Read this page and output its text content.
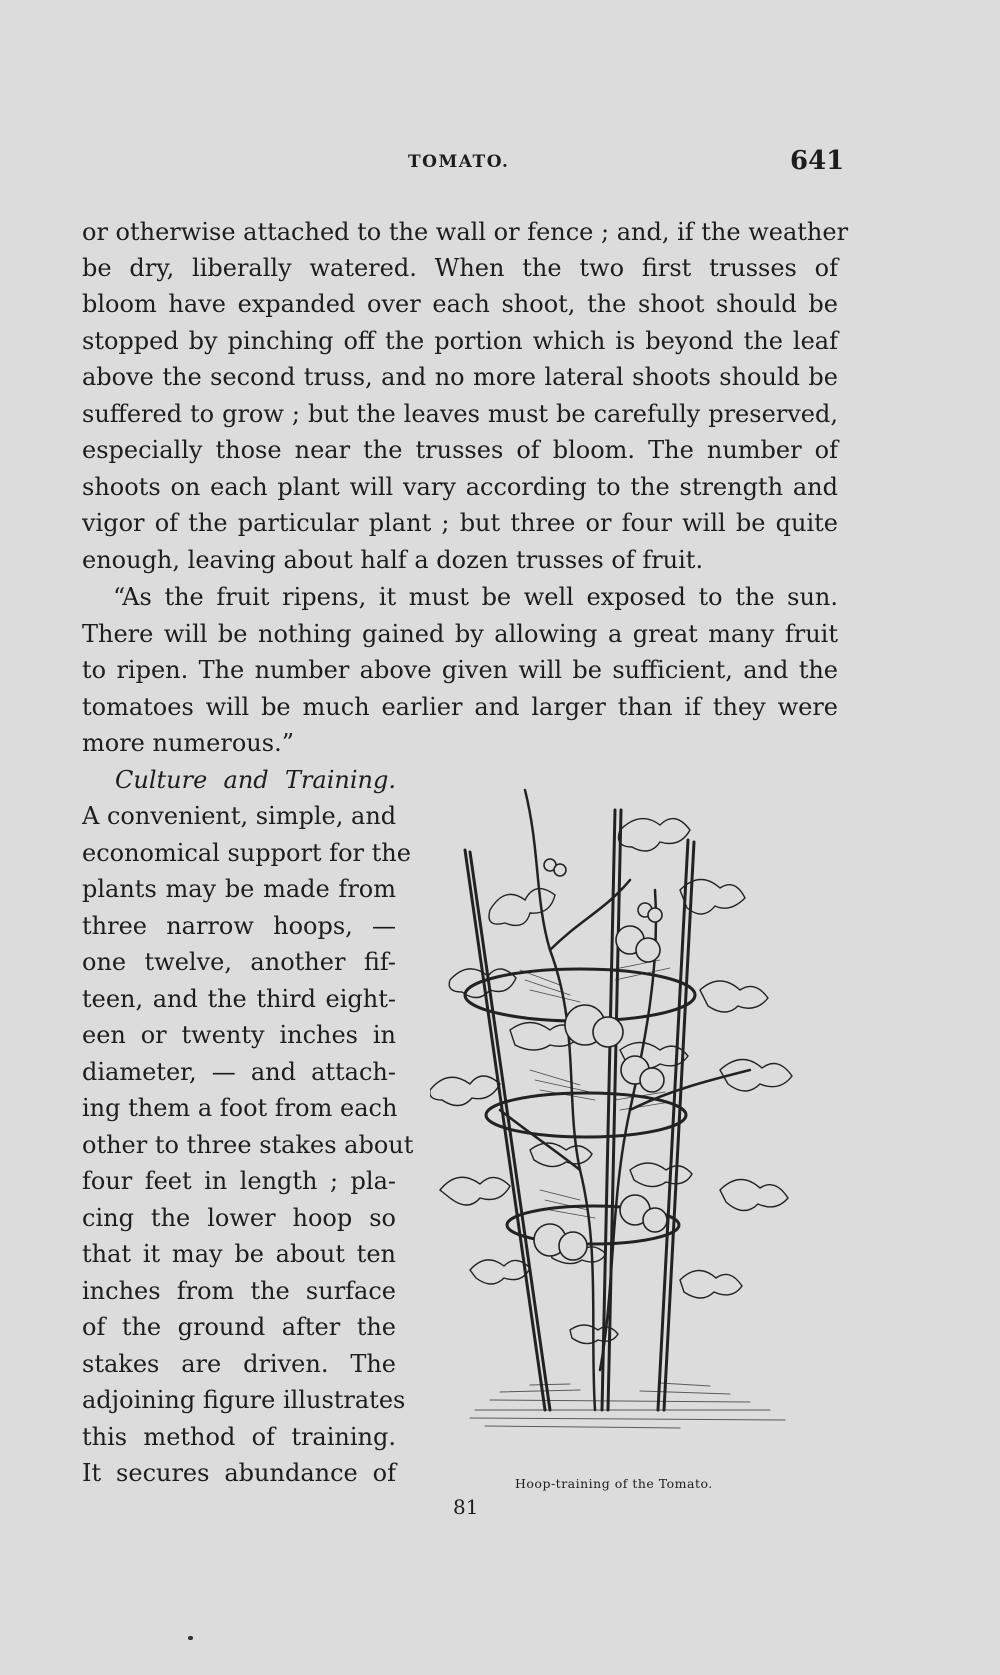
TOMATO.	641
or otherwise attached to the wall or fence ; and, if the weather
be dry, liberally watered. When the two first trusses of
bloom have expanded over each shoot, the shoot should be
stopped by pinching off the portion which is beyond the leaf
above the second truss, and no more lateral shoots should be
suffered to grow ; but the leaves must be carefully preserved,
especially those near the trusses of bloom. The number of
shoots on each plant will vary according to the strength and
vigor of the particular plant ; but three or four will be quite
enough, leaving about half a dozen trusses of fruit.
“As the fruit ripens, it must be well exposed to the sun.
There will be nothing gained by allowing a great many fruit
to ripen. The number above given will be sufficient, and the
tomatoes will be much earlier and larger than if they were
more numerous.”
Culture and Training.
A convenient, simple, and
economical support for the
plants may be made from
three narrow hoops, —
one twelve, another fif-
teen, and the third eight-
een or twenty inches in
diameter, — and attach-
ing them a foot from each
other to three stakes about
four feet in length ; pla-
cing the lower hoop so
that it may be about ten
inches from the surface
of the ground after the
stakes are driven. The
adjoining figure illustrates
this method of training.
It secures abundance of	Hoop-training of the Tomato.
81
